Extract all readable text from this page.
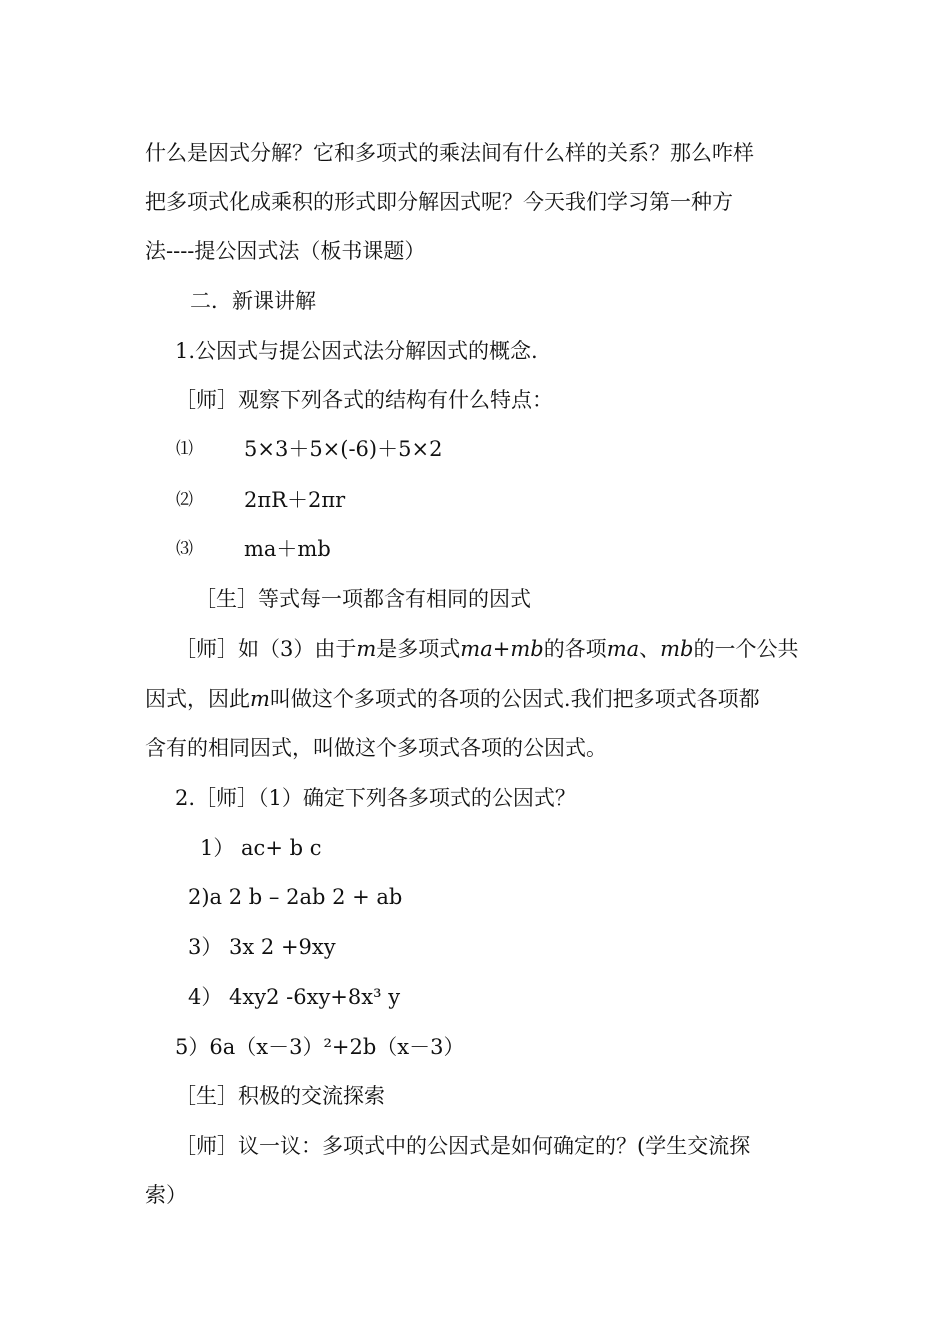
什么是因式分解？它和多项式的乘法间有什么样的关系？那么咋样
把多项式化成乘积的形式即分解因式呢？今天我们学习第一种方
法----提公因式法（板书课题）
二．新课讲解
1.公因式与提公因式法分解因式的概念.
［师］观察下列各式的结构有什么特点：
⑴ 5×3＋5×(-6)＋5×2
⑵ 2πR＋2πr
⑶ ma＋mb
［生］等式每一项都含有相同的因式
［师］如（3）由于m是多项式ma+mb的各项ma、mb的一个公共
因式，因此m叫做这个多项式的各项的公因式.我们把多项式各项都
含有的相同因式，叫做这个多项式各项的公因式。
2.［师］（1）确定下列各多项式的公因式？
1） ac+ b c
2)a 2 b – 2ab 2 + ab
3） 3x 2 +9xy
4） 4xy2 -6xy+8x³ y
5）6a（x－3）²+2b（x－3）
［生］积极的交流探索
［师］议一议：多项式中的公因式是如何确定的？(学生交流探
索）
